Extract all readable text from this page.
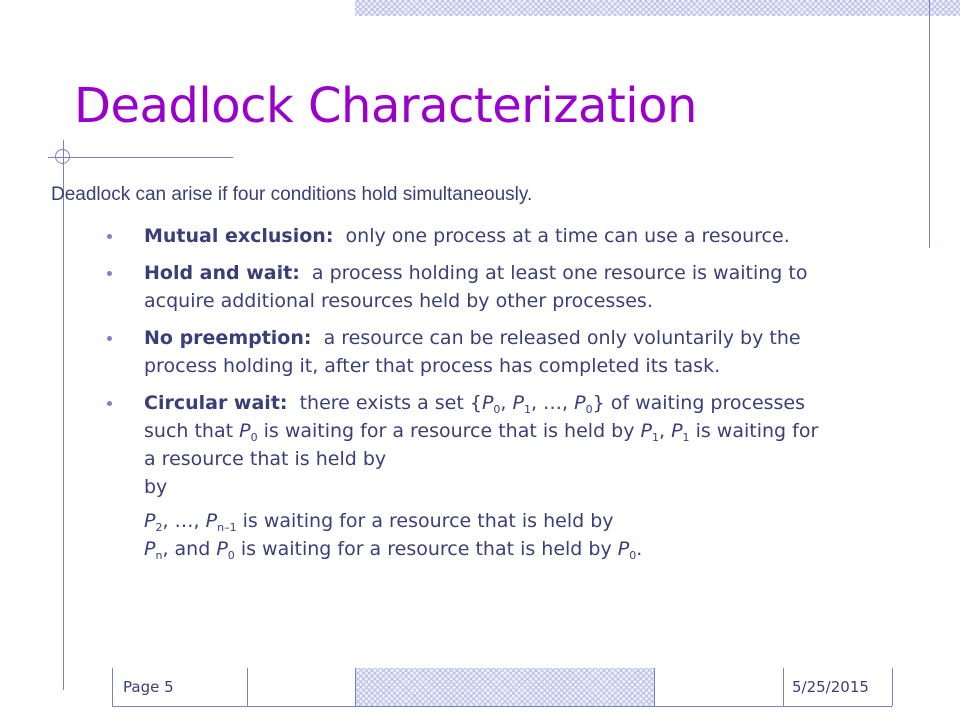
Deadlock Characterization
Deadlock can arise if four conditions hold simultaneously.
Mutual exclusion: only one process at a time can use a resource.
Hold and wait: a process holding at least one resource is waiting to acquire additional resources held by other processes.
No preemption: a resource can be released only voluntarily by the process holding it, after that process has completed its task.
Circular wait: there exists a set {$P_0$, $P_1$, …, $P_0$} of waiting processes such that $P_0$ is waiting for a resource that is held by $P_1$, $P_1$ is waiting for a resource that is held by
by
$P_2$, …, $P_{n-1}$ is waiting for a resource that is held by
$P_n$, and $P_0$ is waiting for a resource that is held by $P_0$.
Page 5	5/25/2015
